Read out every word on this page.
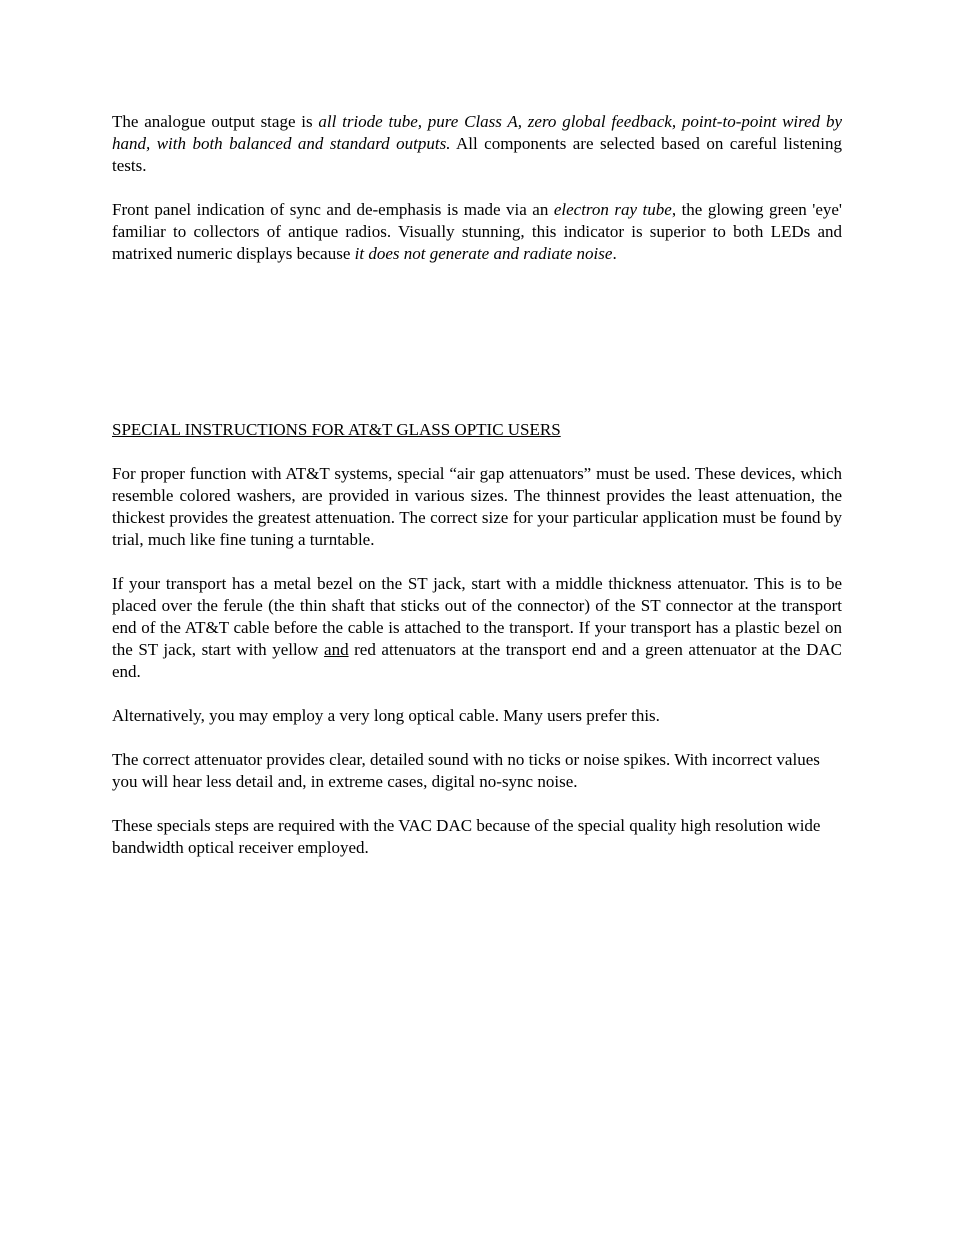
The analogue output stage is all triode tube, pure Class A, zero global feedback, point-to-point wired by hand, with both balanced and standard outputs. All components are selected based on careful listening tests.

Front panel indication of sync and de-emphasis is made via an electron ray tube, the glowing green 'eye' familiar to collectors of antique radios. Visually stunning, this indicator is superior to both LEDs and matrixed numeric displays because it does not generate and radiate noise.

SPECIAL INSTRUCTIONS FOR AT&T GLASS OPTIC USERS

For proper function with AT&T systems, special “air gap attenuators” must be used. These devices, which resemble colored washers, are provided in various sizes. The thinnest provides the least attenuation, the thickest provides the greatest attenuation. The correct size for your particular application must be found by trial, much like fine tuning a turntable.

If your transport has a metal bezel on the ST jack, start with a middle thickness attenuator. This is to be placed over the ferule (the thin shaft that sticks out of the connector) of the ST connector at the transport end of the AT&T cable before the cable is attached to the transport. If your transport has a plastic bezel on the ST jack, start with yellow and red attenuators at the transport end and a green attenuator at the DAC end.

Alternatively, you may employ a very long optical cable. Many users prefer this.

The correct attenuator provides clear, detailed sound with no ticks or noise spikes. With incorrect values you will hear less detail and, in extreme cases, digital no-sync noise.

These specials steps are required with the VAC DAC because of the special quality high resolution wide bandwidth optical receiver employed.
